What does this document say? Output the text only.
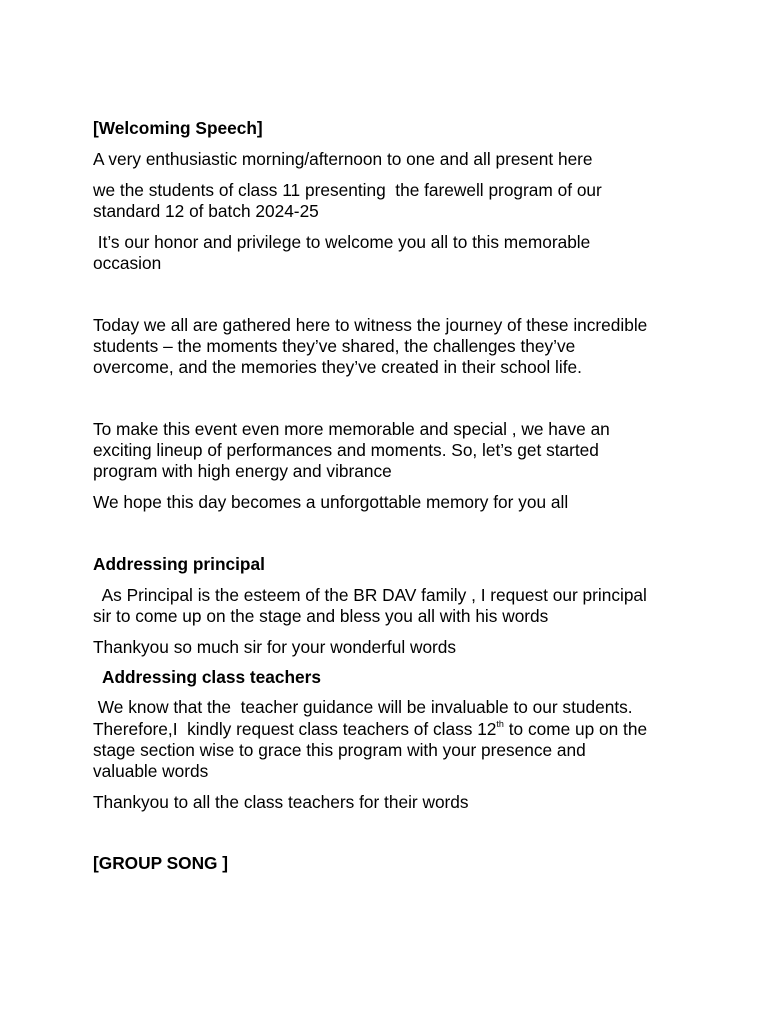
[Welcoming Speech]
A very enthusiastic morning/afternoon to one and all present here
we the students of class 11 presenting  the farewell program of our
standard 12 of batch 2024-25
It’s our honor and privilege to welcome you all to this memorable
occasion
Today we all are gathered here to witness the journey of these incredible
students – the moments they’ve shared, the challenges they’ve
overcome, and the memories they’ve created in their school life.
To make this event even more memorable and special , we have an
exciting lineup of performances and moments. So, let’s get started
program with high energy and vibrance
We hope this day becomes a unforgottable memory for you all
Addressing principal
As Principal is the esteem of the BR DAV family , I request our principal
sir to come up on the stage and bless you all with his words
Thankyou so much sir for your wonderful words
Addressing class teachers
We know that the  teacher guidance will be invaluable to our students.
Therefore,I  kindly request class teachers of class 12th to come up on the
stage section wise to grace this program with your presence and
valuable words
Thankyou to all the class teachers for their words
[GROUP SONG ]
